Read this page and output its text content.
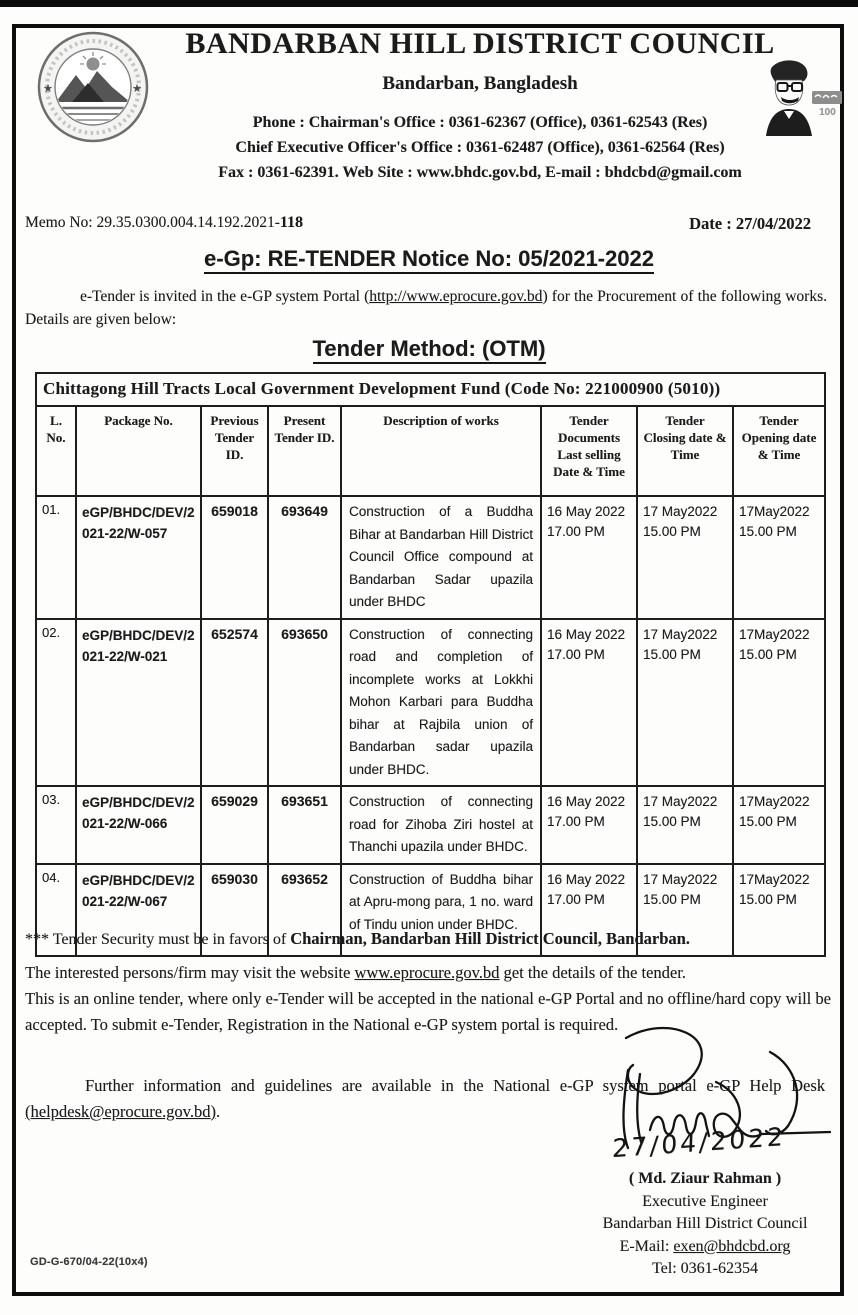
★	★
BANDARBAN HILL DISTRICT COUNCIL
Bandarban, Bangladesh
Phone : Chairman's Office : 0361-62367 (Office), 0361-62543 (Res)
Chief Executive Officer's Office : 0361-62487 (Office), 0361-62564 (Res)
Fax : 0361-62391. Web Site : www.bhdc.gov.bd, E-mail : bhdcbd@gmail.com
100
Memo No: 29.35.0300.004.14.192.2021-118	Date : 27/04/2022
e-Gp: RE-TENDER Notice No: 05/2021-2022
e-Tender is invited in the e-GP system Portal (http://www.eprocure.gov.bd) for the Procurement of the following works. Details are given below:
Tender Method: (OTM)
Chittagong Hill Tracts Local Government Development Fund (Code No: 221000900 (5010))							
L. No.	Package No.	Previous Tender ID.	Present Tender ID.	Description of works	Tender Documents Last selling Date & Time	Tender Closing date & Time	Tender Opening date & Time
01.	eGP/BHDC/DEV/2021-22/W-057	659018	693649	Construction of a Buddha Bihar at Bandarban Hill District Council Office compound at Bandarban Sadar upazila under BHDC	16 May 2022 17.00 PM	17 May2022 15.00 PM	17May2022 15.00 PM
02.	eGP/BHDC/DEV/2021-22/W-021	652574	693650	Construction of connecting road and completion of incomplete works at Lokkhi Mohon Karbari para Buddha bihar at Rajbila union of Bandarban sadar upazila under BHDC.	16 May 2022 17.00 PM	17 May2022 15.00 PM	17May2022 15.00 PM
03.	eGP/BHDC/DEV/2021-22/W-066	659029	693651	Construction of connecting road for Zihoba Ziri hostel at Thanchi upazila under BHDC.	16 May 2022 17.00 PM	17 May2022 15.00 PM	17May2022 15.00 PM
04.	eGP/BHDC/DEV/2021-22/W-067	659030	693652	Construction of Buddha bihar at Apru-mong para, 1 no. ward of Tindu union under BHDC.	16 May 2022 17.00 PM	17 May2022 15.00 PM	17May2022 15.00 PM
*** Tender Security must be in favors of Chairman, Bandarban Hill District Council, Bandarban.
The interested persons/firm may visit the website www.eprocure.gov.bd get the details of the tender.
This is an online tender, where only e-Tender will be accepted in the national e-GP Portal and no offline/hard copy will be accepted. To submit e-Tender, Registration in the National e-GP system portal is required.
Further information and guidelines are available in the National e-GP system portal e-GP Help Desk (helpdesk@eprocure.gov.bd).
27/04/2022
( Md. Ziaur Rahman )
Executive Engineer
Bandarban Hill District Council
E-Mail: exen@bhdcbd.org
Tel: 0361-62354
GD-G-670/04-22(10x4)
